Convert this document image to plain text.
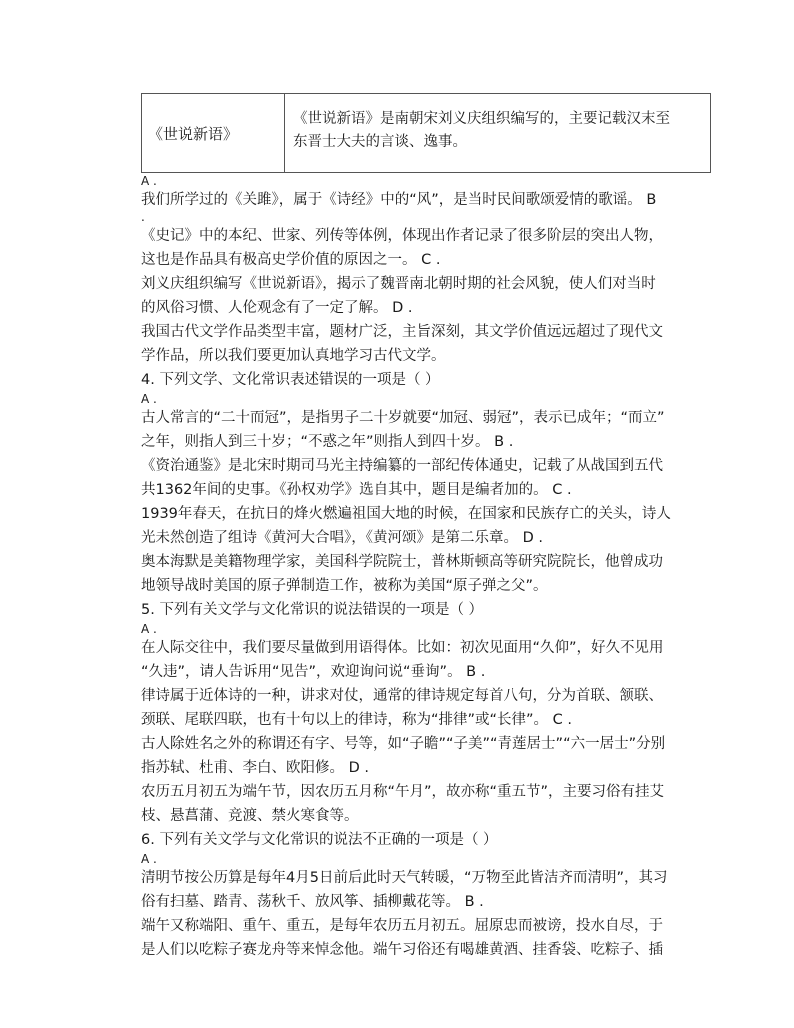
《世说新语》
《世说新语》是南朝宋刘义庆组织编写的，主要记载汉末至
东晋士大夫的言谈、逸事。
A .
我们所学过的《关雎》，属于《诗经》中的“风”，是当时民间歌颂爱情的歌谣。 B
.
《史记》中的本纪、世家、列传等体例，体现出作者记录了很多阶层的突出人物，
这也是作品具有极高史学价值的原因之一。 C .
刘义庆组织编写《世说新语》，揭示了魏晋南北朝时期的社会风貌，使人们对当时
的风俗习惯、人伦观念有了一定了解。 D .
我国古代文学作品类型丰富，题材广泛，主旨深刻，其文学价值远远超过了现代文
学作品，所以我们要更加认真地学习古代文学。
4. 下列文学、文化常识表述错误的一项是（ ）
A .
古人常言的“二十而冠”，是指男子二十岁就要“加冠、弱冠”，表示已成年；“而立”
之年，则指人到三十岁；“不惑之年”则指人到四十岁。 B .
《资治通鉴》是北宋时期司马光主持编纂的一部纪传体通史，记载了从战国到五代
共1362年间的史事。《孙权劝学》选自其中，题目是编者加的。 C .
1939年春天，在抗日的烽火燃遍祖国大地的时候，在国家和民族存亡的关头，诗人
光未然创造了组诗《黄河大合唱》，《黄河颂》是第二乐章。 D .
奥本海默是美籍物理学家，美国科学院院士，普林斯顿高等研究院院长，他曾成功
地领导战时美国的原子弹制造工作，被称为美国“原子弹之父”。
5. 下列有关文学与文化常识的说法错误的一项是（ ）
A .
在人际交往中，我们要尽量做到用语得体。比如：初次见面用“久仰”，好久不见用
“久违”，请人告诉用“见告”，欢迎询问说“垂询”。 B .
律诗属于近体诗的一种，讲求对仗，通常的律诗规定每首八句，分为首联、颔联、
颈联、尾联四联，也有十句以上的律诗，称为“排律”或“长律”。 C .
古人除姓名之外的称谓还有字、号等，如“子瞻”“子美”“青莲居士”“六一居士”分别
指苏轼、杜甫、李白、欧阳修。 D .
农历五月初五为端午节，因农历五月称“午月”，故亦称“重五节”，主要习俗有挂艾
枝、悬菖蒲、竞渡、禁火寒食等。
6. 下列有关文学与文化常识的说法不正确的一项是（ ）
A .
清明节按公历算是每年4月5日前后此时天气转暖，“万物至此皆洁齐而清明”，其习
俗有扫墓、踏青、荡秋千、放风筝、插柳戴花等。 B .
端午又称端阳、重午、重五，是每年农历五月初五。屈原忠而被谤，投水自尽，于
是人们以吃粽子赛龙舟等来悼念他。端午习俗还有喝雄黄酒、挂香袋、吃粽子、插
